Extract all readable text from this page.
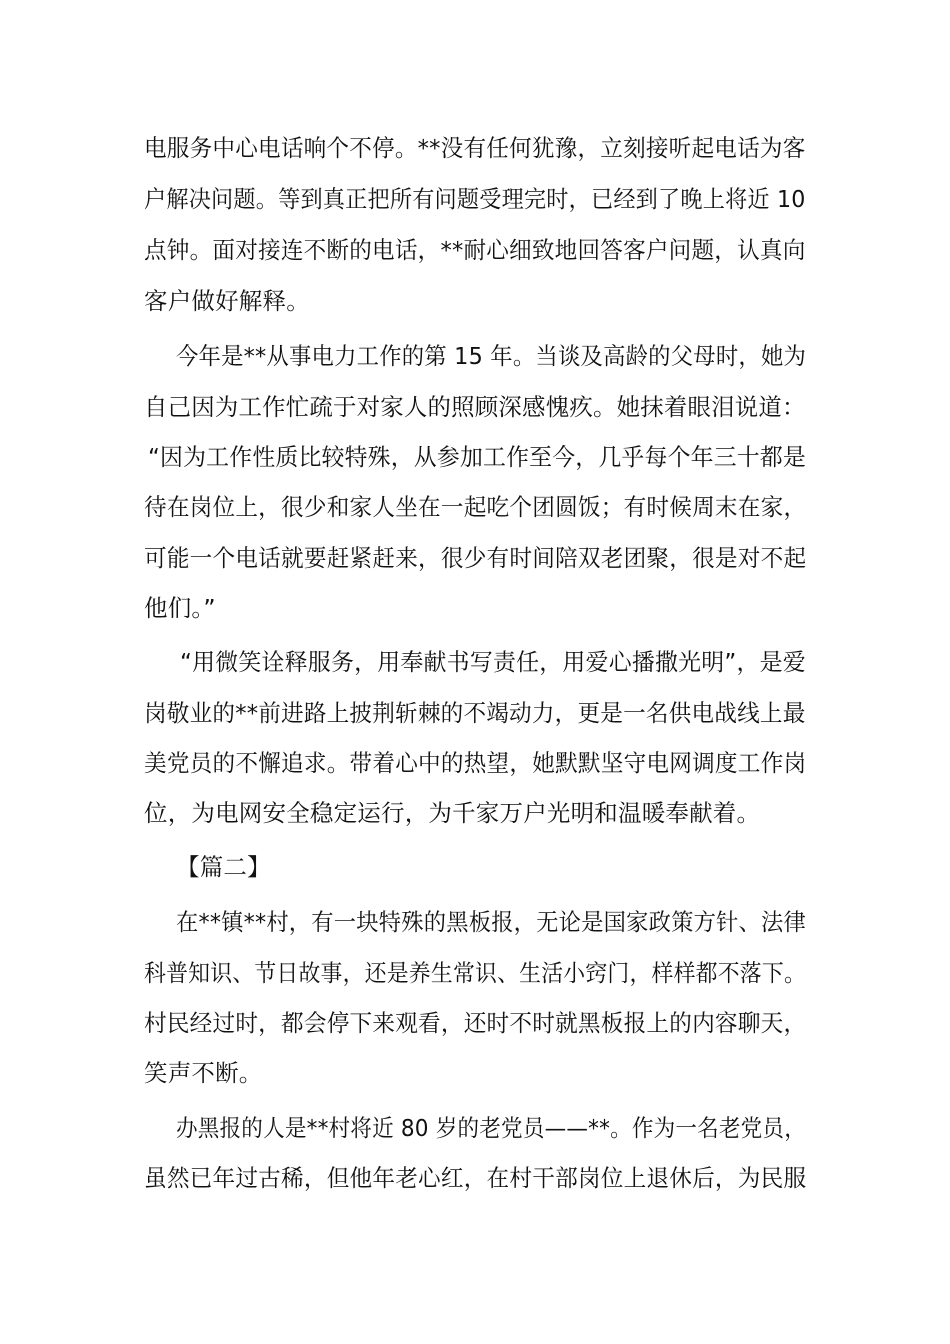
电服务中心电话响个不停。**没有任何犹豫，立刻接听起电话为客
户解决问题。等到真正把所有问题受理完时，已经到了晚上将近 10
点钟。面对接连不断的电话，**耐心细致地回答客户问题，认真向
客户做好解释。
今年是**从事电力工作的第 15 年。当谈及高龄的父母时，她为
自己因为工作忙疏于对家人的照顾深感愧疚。她抹着眼泪说道：
“因为工作性质比较特殊，从参加工作至今，几乎每个年三十都是
待在岗位上，很少和家人坐在一起吃个团圆饭；有时候周末在家，
可能一个电话就要赶紧赶来，很少有时间陪双老团聚，很是对不起
他们。”
“用微笑诠释服务，用奉献书写责任，用爱心播撒光明”，是爱
岗敬业的**前进路上披荆斩棘的不竭动力，更是一名供电战线上最
美党员的不懈追求。带着心中的热望，她默默坚守电网调度工作岗
位，为电网安全稳定运行，为千家万户光明和温暖奉献着。
【篇二】
在**镇**村，有一块特殊的黑板报，无论是国家政策方针、法律
科普知识、节日故事，还是养生常识、生活小窍门，样样都不落下。
村民经过时，都会停下来观看，还时不时就黑板报上的内容聊天，
笑声不断。
办黑报的人是**村将近 80 岁的老党员——**。作为一名老党员，
虽然已年过古稀，但他年老心红，在村干部岗位上退休后，为民服
